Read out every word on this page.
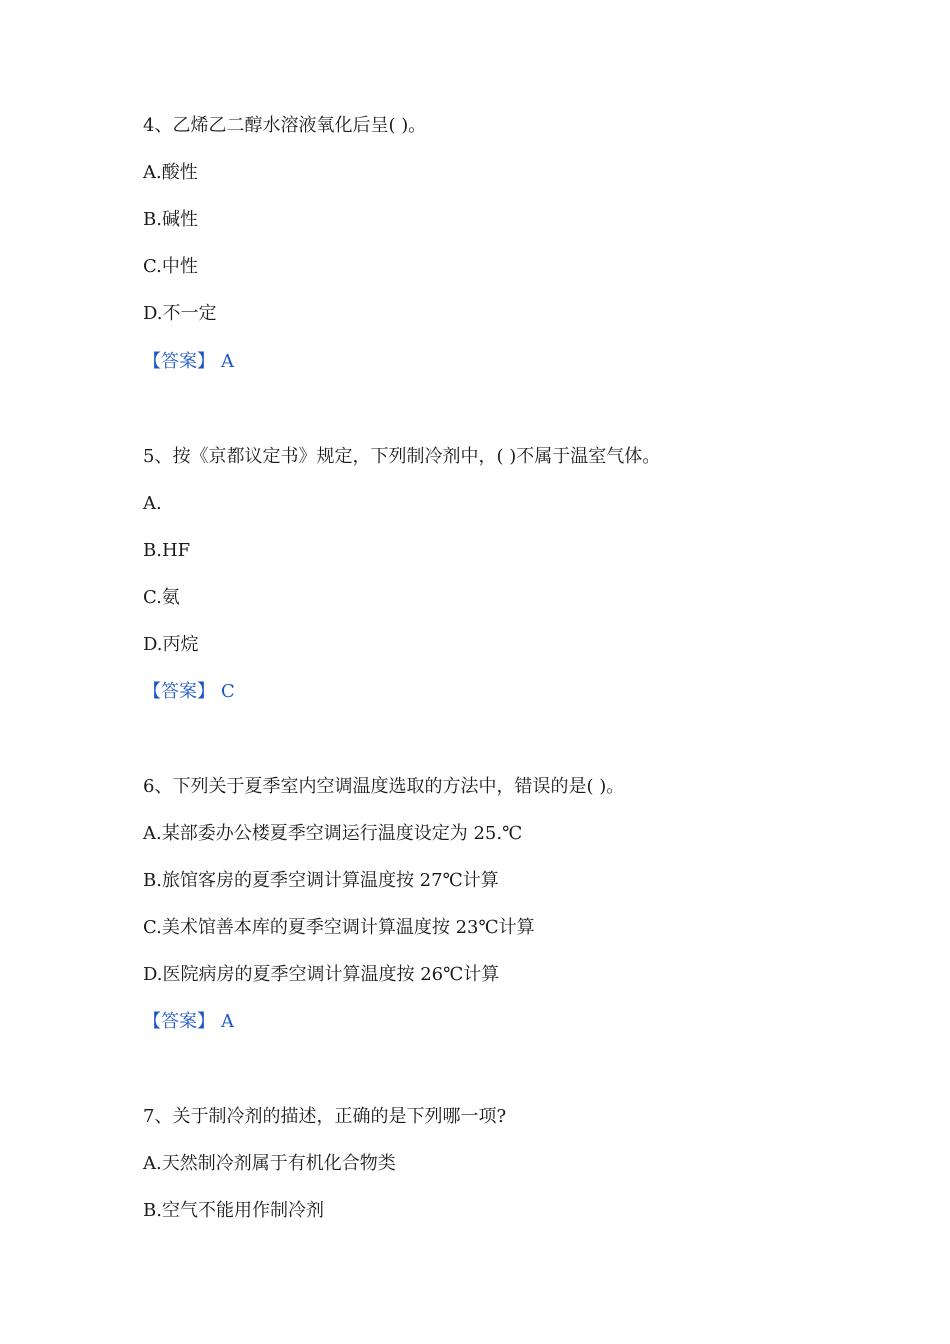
4、乙烯乙二醇水溶液氧化后呈( )。
A.酸性
B.碱性
C.中性
D.不一定
【答案】 A
5、按《京都议定书》规定，下列制冷剂中，( )不属于温室气体。
A.
B.HF
C.氨
D.丙烷
【答案】 C
6、下列关于夏季室内空调温度选取的方法中，错误的是( )。
A.某部委办公楼夏季空调运行温度设定为 25.℃
B.旅馆客房的夏季空调计算温度按 27℃计算
C.美术馆善本库的夏季空调计算温度按 23℃计算
D.医院病房的夏季空调计算温度按 26℃计算
【答案】 A
7、关于制冷剂的描述，正确的是下列哪一项?
A.天然制冷剂属于有机化合物类
B.空气不能用作制冷剂
